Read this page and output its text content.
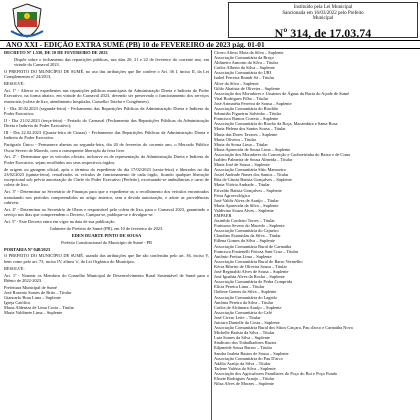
Instituído pela Lei Municipal
Sancionada em 16/03/2022 pelo Prefeito
Municipal
Nº 314, de 17.03.74
ANO XXI - EDIÇÃO EXTRA SUMÉ (PB) 10 de FEVEREIRO de 2023 pág. 01-01
DECRETO Nº 1.530, DE 10 DE FEVEREIRO DE 2023
Dispõe sobre o fechamento das repartições públicas, nos dias 20, 21 e 22 de fevereiro do corrente ano, em virtude do Carnaval 2023.
O PREFEITO DO MUNICÍPIO DE SUMÉ, no uso das atribuições que lhe confere o Art. 36 I, inciso II, da Lei Complementar nº 24/2013,
RESOLVE:
Art. 1º - Alterar os expedientes nas repartições públicas municipais da Administração Direta e Indireta do Poder Executivo, na forma abaixo, em virtude do Carnaval 2023, devendo ser preservado o funcionamento dos serviços essenciais (coleta de lixo, atendimento hospitalar, Conselho Tutelar e Congêneres).
I - Dia 20.02.2023 (segunda-feira) - Fechamento das Repartições Públicas da Administração Direta e Indireta do Poder Executivo;
II - Dia 21.02.2023 (terça-feira) - Feriado do Carnaval (Fechamento das Repartições Públicas da Administração Direta e Indireta do Poder Executivo);
III - Dia 22.02.2023 (Quarta-feira de Cinzas) - Fechamento das Repartições Públicas da Administração Direta e Indireta do Poder Executivo.
Parágrafo Único - Permanece abertas no segunda-feira, dia 20 de fevereiro do corrente ano, o Mercado Público Oscar Severo de Macedo, com a consequente liberação da feira livre.
Art. 2º - Determinar que os veículos oficiais, inclusive os de representação da Administração Direta e Indireta do Poder Executivo, sejam recolhidos aos seus respectivos órgãos.
de origem ou garagem oficial, após o término do expediente do dia 17/02/2023 (sexta-feira) e liberados no dia 23/02/2023 (quinta-feira), ressalvados os veículos de funcionamento de cada órgão, ficando qualquer liberação excepcional sob prévia autorização do Chefe do Poder Executivo (Prefeito), excetuando-se ambulâncias e carro de coleta de lixo.
Art. 3º - Determinar ao Secretário de Finanças para que o expediente ou o recolhimento dos veículos encontrados transitando nos períodos compreendidos no artigo anterior, sem a devida autorização, e adote as providências cabíveis.
Art. 4º - Determinar ao Secretário de Obras e responsável pela coleta de lixo, para o Carnaval 2023, garantindo o serviço nos dias que compreendem o Decreto, Cumpra-se, publique-se e divulgue-se.
Art. 5º - Este Decreto entra em vigor na data de sua publicação.
Gabinete do Prefeito de Sumé (PB), em 10 de fevereiro de 2023.
EDEN DUARTE PINTO DE SOUSA
Prefeito Constitucional do Município de Sumé - PB
PORTARIA Nº 048/2023
O PREFEITO DO MUNICÍPIO DE SUMÉ, usando das atribuições que lhe são conferidas pelo art. 36, inciso V, bem como pelo art. 73, inciso IV, alínea 'a', da Lei Orgânica do Município,
RESOLVE:
Art. 1º - Nomear os Membros do Conselho Municipal de Desenvolvimento Rural Sustentável de Sumé para o Biênio de 2022-2023.
Prefeitura Municipal de Sumé
José Rosenio Soares de Brito – Titular
Giancarlo Brau Luna – Suplente
Igreja Católica
Maria Aldeniza de Lima Costa – Titular
Maria Valdinete Lima – Suplente
Cícero Aliexs Mota da Silva – Suplente
Associação Comunitária da Braço
Aldineiro Amorim da Silva – Titular
Carlos Alberto da Silva – Suplente
Associação Comunitária do URI
Isabel Ferreira Brandi Sá – Titular
Alice da Silva – Suplente
Gildo Abatista de Oliveira – Suplente
Associação dos Moradores e Usuários de Águas da Bacia do Açude de Sumé
Vital Rodrigues Filho – Titular
José Arimatéia Ferreira de Sousa – Suplente
Associação Comunitária do Riachão
Sebastião Figueiras Salvinho – Titular
Francisco Ramos Correia – Suplente
Associação Comunitária do Riacho da Roça, Macambira e Santa Rosa
Maria Helena dos Santos Sousa – Titular
Maria das Dores Tavares – Suplente
Maria Oliveira – Titular
Maria da Sousa Lima – Titular
Maria Aparecida de Sousa Lima – Suplente
Associação dos Moradores do Conceição e Cachoeirinha do Baixo e de Cima
Isaldeo Palmeira de Sousa Almeida – Titular
Maria José de Sousa – Suplente
Associação Comunitária Sítio Mamoeiro
Josiel Andrade Nunes dos Santos – Titular
Rita de Cássia Batista Gonçalves – Suplente
Maria Vitória Andrade – Titular
Erivaldo Batista Gonçalves – Suplente
Feira Agroecológica
José Valdir Alves de Araújo – Titular
Maria Aparecida da Silva – Suplente
Valdivino Souza Alves – Suplente
EMPAER
Josinildo Cordeiro Torres – Titular
Fruttuoso Severo do Macedo – Suplente
Associação Comunitária do Cajueiro
Claudino Estanislau da Silva – Titular
Edlena Gomes da Silva – Suplente
Associação Comunitária Rural de Carnaúba
Francisca Fontenelli Feitosa Sant Cruz – Titular
Antônio Freitas Lima – Suplente
Associação Comunitária Rural do Barro Vermelho
Kécia Ribeiro de Oliveira Sousa – Titular
José Reginaldo Alves de Sousa – Suplente
José Iguabás Alves da Rocha – Suplente
Associação Comunitária de Pedra Comprida
Elicia Pereira Lima – Titular
Ozilene Gomes da Silva – Suplente
Associação Comunitária do Lagedo
Antônia Pereira da Silva – Titular
Carlos de Alcântara Araújo – Suplente
Associação Comunitária do Café
José Cícero Leite – Titular
Juiciara Danielle da Costa – Suplente
Associação Comunitária Rural dos Sítios Caiçara, Pau d'arco e Carnaúba Nova
Michelle Batista da Silva – Titular
Luiz Soares da Silva – Suplente
Sindicato dos Trabalhadores Rurais
Edjaneide Sousa Barros – Titular
Sandra Ioaleta Bastos de Sousa – Suplente
Associação Comunitária do Pau D'arco
Adálio Araújo da Silva – Titular
Tarlene Valéria da Silva – Suplente
Associação dos Agricultores Familiares do Poço do Boi e Poço Fundo
Elisete Rodrigues Araújo – Titular
Nilza Alves de Moraes – Suplente
